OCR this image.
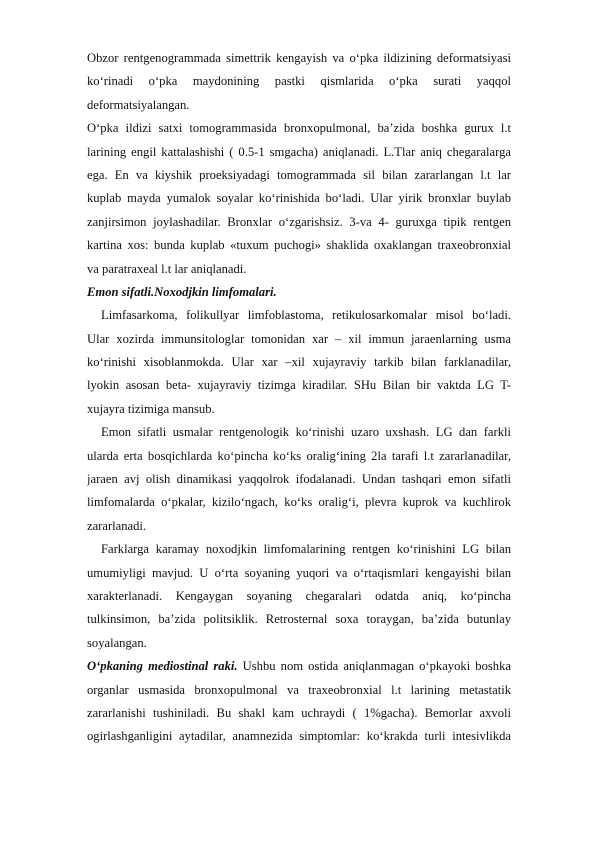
Obzor rentgenogrammada simettrik kengayish va o‘pka ildizining deformatsiyasi
ko‘rinadi o‘pka maydonining pastki qismlarida o‘pka surati yaqqol
deformatsiyalangan.
O‘pka ildizi satxi tomogrammasida bronxopulmonal, ba’zida boshka gurux l.t
larining engil kattalashishi ( 0.5-1 smgacha) aniqlanadi. L.Tlar aniq chegaralarga
ega. En va kiyshik proeksiyadagi tomogrammada sil bilan zararlangan l.t lar
kuplab mayda yumalok soyalar ko‘rinishida bo‘ladi. Ular yirik bronxlar buylab
zanjirsimon joylashadilar. Bronxlar o‘zgarishsiz. 3-va 4- guruxga tipik rentgen
kartina xos: bunda kuplab «tuxum puchogi» shaklida oxaklangan traxeobronxial
va paratraxeal l.t lar aniqlanadi.
Emon sifatli.Noxodjkin limfomalari.
Limfasarkoma, folikullyar limfoblastoma, retikulosarkomalar misol bo‘ladi.
Ular xozirda immunsitologlar tomonidan xar – xil immun jaraenlarning usma
ko‘rinishi xisoblanmokda. Ular xar –xil xujayraviy tarkib bilan farklanadilar,
lyokin asosan beta- xujayraviy tizimga kiradilar. SHu Bilan bir vaktda LG T-
xujayra tizimiga mansub.
Emon sifatli usmalar rentgenologik ko‘rinishi uzaro uxshash. LG dan farkli
ularda erta bosqichlarda ko‘pincha ko‘ks oralig‘ining 2la tarafi l.t zararlanadilar,
jaraen avj olish dinamikasi yaqqolrok ifodalanadi. Undan tashqari emon sifatli
limfomalarda o‘pkalar, kizilo‘ngach, ko‘ks oralig‘i, plevra kuprok va kuchlirok
zararlanadi.
Farklarga karamay noxodjkin limfomalarining rentgen ko‘rinishini LG bilan
umumiyligi mavjud. U o‘rta soyaning yuqori va o‘rtaqismlari kengayishi bilan
xarakterlanadi. Kengaygan soyaning chegaralari odatda aniq, ko‘pincha
tulkinsimon, ba’zida politsiklik. Retrosternal soxa toraygan, ba’zida butunlay
soyalangan.
O‘pkaning mediostinal raki. Ushbu nom ostida aniqlanmagan o‘pkayoki boshka
organlar usmasida bronxopulmonal va traxeobronxial l.t larining metastatik
zararlanishi tushiniladi. Bu shakl kam uchraydi ( 1%gacha). Bemorlar axvoli
ogirlashganligini aytadilar, anamnezida simptomlar: ko‘krakda turli intesivlikda
